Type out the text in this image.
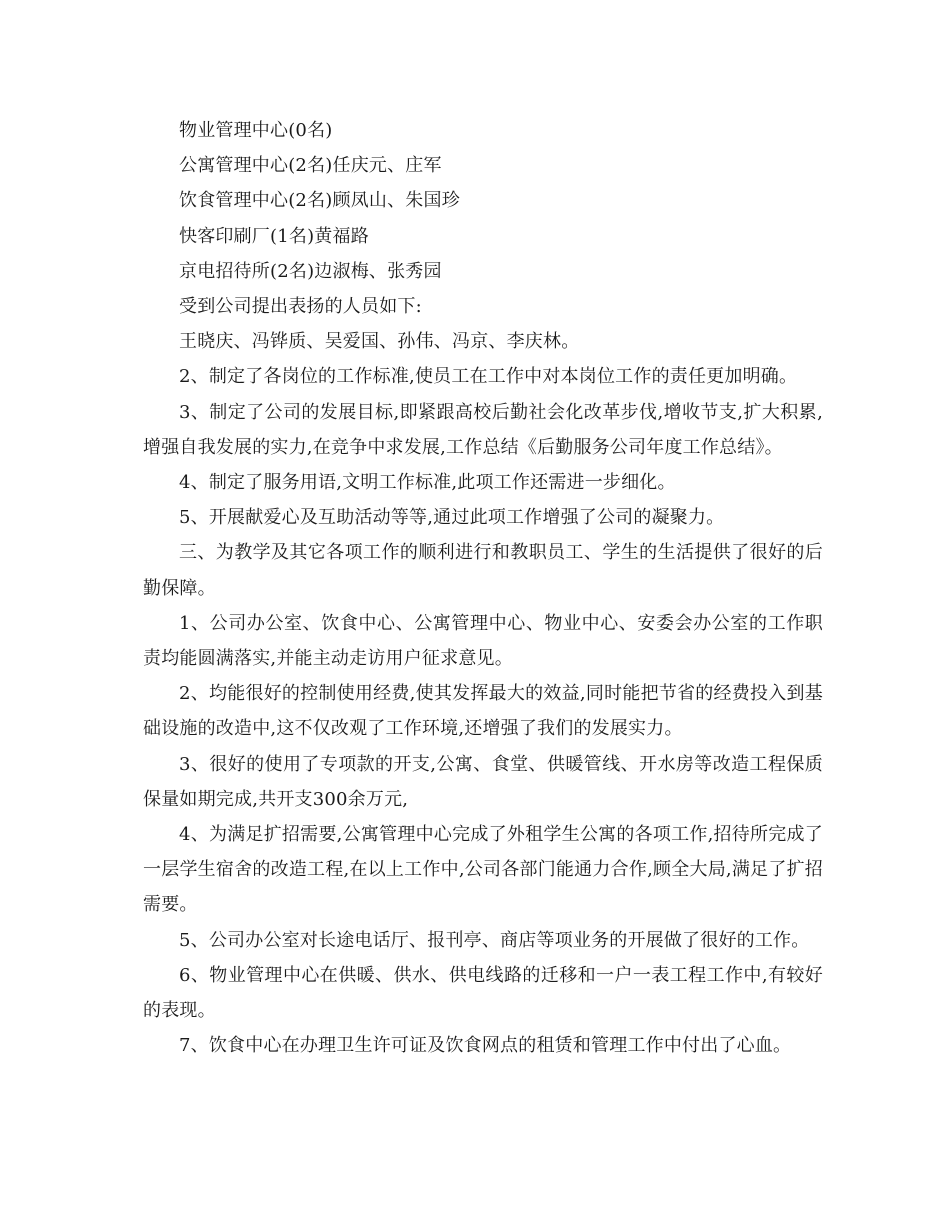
物业管理中心(0名)

公寓管理中心(2名)任庆元、庄军

饮食管理中心(2名)顾凤山、朱国珍

快客印刷厂(1名)黄福路

京电招待所(2名)边淑梅、张秀园

受到公司提出表扬的人员如下:

王晓庆、冯铧质、吴爱国、孙伟、冯京、李庆林。

2、制定了各岗位的工作标准,使员工在工作中对本岗位工作的责任更加明确。

3、制定了公司的发展目标,即紧跟高校后勤社会化改革步伐,增收节支,扩大积累,增强自我发展的实力,在竞争中求发展,工作总结《后勤服务公司年度工作总结》。

4、制定了服务用语,文明工作标准,此项工作还需进一步细化。

5、开展献爱心及互助活动等等,通过此项工作增强了公司的凝聚力。

三、为教学及其它各项工作的顺利进行和教职员工、学生的生活提供了很好的后勤保障。

1、公司办公室、饮食中心、公寓管理中心、物业中心、安委会办公室的工作职责均能圆满落实,并能主动走访用户征求意见。

2、均能很好的控制使用经费,使其发挥最大的效益,同时能把节省的经费投入到基础设施的改造中,这不仅改观了工作环境,还增强了我们的发展实力。

3、很好的使用了专项款的开支,公寓、食堂、供暖管线、开水房等改造工程保质保量如期完成,共开支300余万元,

4、为满足扩招需要,公寓管理中心完成了外租学生公寓的各项工作,招待所完成了一层学生宿舍的改造工程,在以上工作中,公司各部门能通力合作,顾全大局,满足了扩招需要。

5、公司办公室对长途电话厅、报刊亭、商店等项业务的开展做了很好的工作。

6、物业管理中心在供暖、供水、供电线路的迁移和一户一表工程工作中,有较好的表现。

7、饮食中心在办理卫生许可证及饮食网点的租赁和管理工作中付出了心血。
